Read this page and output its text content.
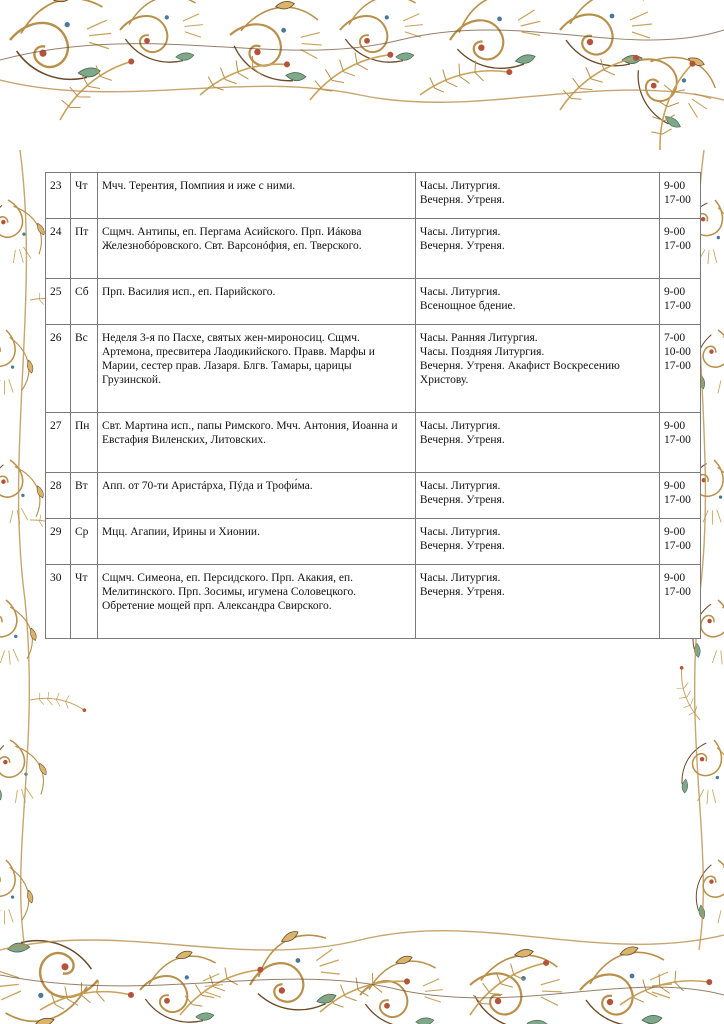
23	Чт	Мчч. Терентия, Помпиия и иже с ними.	Часы. Литургия.
Вечерня. Утреня.	9-00
17-00

24	Пт	Сщмч. Антипы, еп. Пергама Асийского. Прп. Иáкова Железнобóровского. Свт. Варсонóфия, еп. Тверского.	Часы. Литургия.
Вечерня. Утреня.	9-00
17-00

25	Сб	Прп. Василия исп., еп. Парийского.	Часы. Литургия.
Всенощное бдение.	9-00
17-00

26	Вс	Неделя 3-я по Пасхе, святых жен-мироносиц. Сщмч. Артемона, пресвитера Лаодикийского. Правв. Марфы и Марии, сестер прав. Лазаря. Блгв. Тамары, царицы Грузинской.	Часы. Ранняя Литургия.
Часы. Поздняя Литургия.
Вечерня. Утреня. Акафист Воскресению Христову.	7-00
10-00
17-00

27	Пн	Свт. Мартина исп., папы Римского. Мчч. Антония, Иоанна и Евстафия Виленских, Литовских.	Часы. Литургия.
Вечерня. Утреня.	9-00
17-00

28	Вт	Апп. от 70-ти Аристáрха, Пýда и Трофи́ма.	Часы. Литургия.
Вечерня. Утреня.	9-00
17-00

29	Ср	Мцц. Агапии, Ирины и Хионии.	Часы. Литургия.
Вечерня. Утреня.	9-00
17-00

30	Чт	Сщмч. Симеона, еп. Персидского. Прп. Акакия, еп. Мелитинского. Прп. Зосимы, игумена Соловецкого. Обретение мощей прп. Александра Свирского.	Часы. Литургия.
Вечерня. Утреня.	9-00
17-00
